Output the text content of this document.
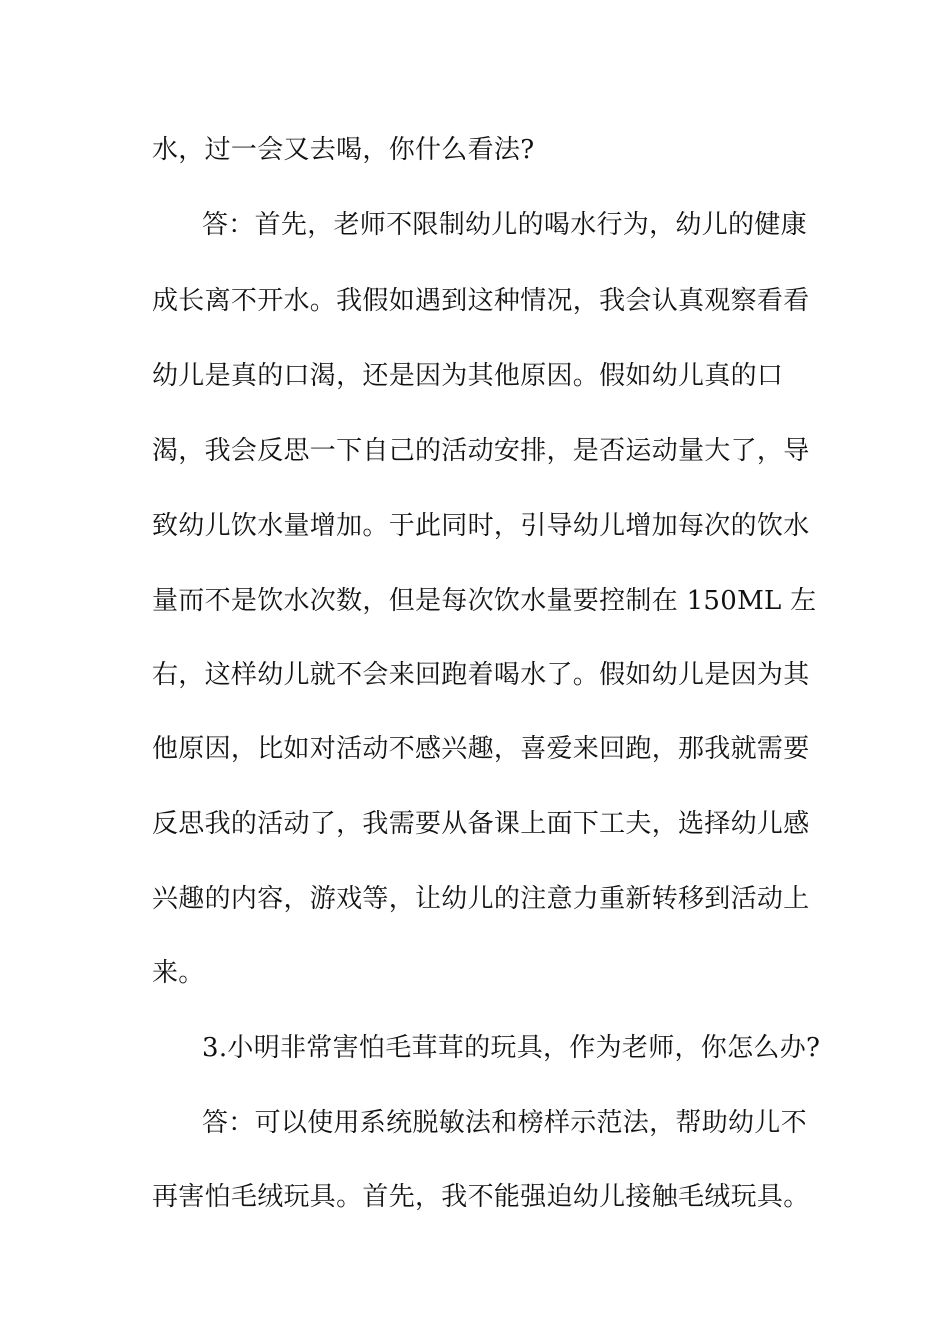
水，过一会又去喝，你什么看法?
答：首先，老师不限制幼儿的喝水行为，幼儿的健康
成长离不开水。我假如遇到这种情况，我会认真观察看看
幼儿是真的口渴，还是因为其他原因。假如幼儿真的口
渴，我会反思一下自己的活动安排，是否运动量大了，导
致幼儿饮水量增加。于此同时，引导幼儿增加每次的饮水
量而不是饮水次数，但是每次饮水量要控制在 150ML 左
右，这样幼儿就不会来回跑着喝水了。假如幼儿是因为其
他原因，比如对活动不感兴趣，喜爱来回跑，那我就需要
反思我的活动了，我需要从备课上面下工夫，选择幼儿感
兴趣的内容，游戏等，让幼儿的注意力重新转移到活动上
来。
3.小明非常害怕毛茸茸的玩具，作为老师，你怎么办?
答：可以使用系统脱敏法和榜样示范法，帮助幼儿不
再害怕毛绒玩具。首先，我不能强迫幼儿接触毛绒玩具。
